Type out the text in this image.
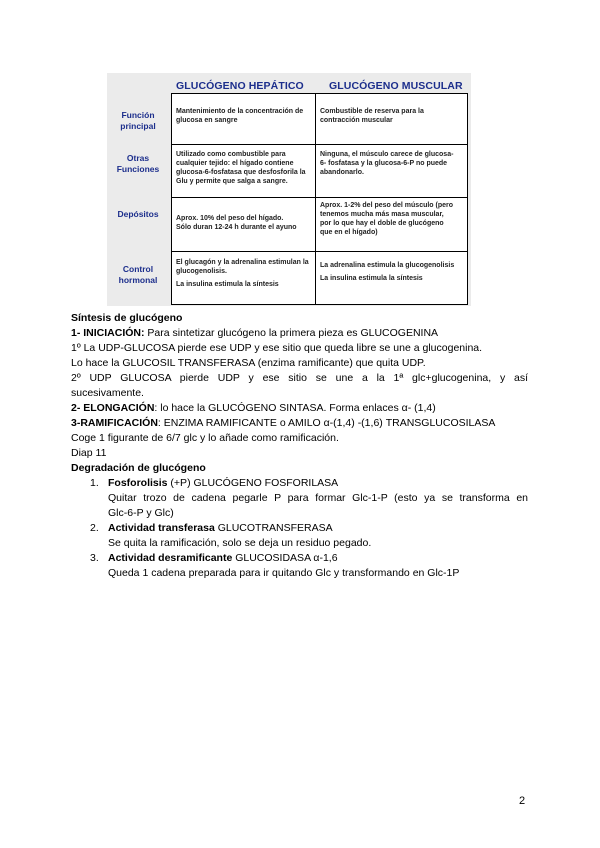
GLUCÓGENO HEPÁTICO GLUCÓGENO MUSCULAR
Función
principal
Otras
Funciones
Depósitos
Control
hormonal

Mantenimiento de la concentración de glucosa en sangre

Combustible de reserva para la contracción muscular

Utilizado como combustible para cualquier tejido: el hígado contiene glucosa-6-fosfatasa que desfosforila la Glu y permite que salga a sangre.

Ninguna, el músculo carece de glucosa- 6- fosfatasa y la glucosa-6-P no puede abandonarlo.

Aprox. 10% del peso del hígado.

Sólo duran 12-24 h durante el ayuno

Aprox. 1-2% del peso del músculo (pero tenemos mucha más masa muscular, por lo que hay el doble de glucógeno que en el hígado)

El glucagón y la adrenalina estimulan la glucogenolisis.

La insulina estimula la síntesis

La adrenalina estimula la glucogenolisis

La insulina estimula la síntesis

Síntesis de glucógeno
1- INICIACIÓN: Para sintetizar glucógeno la primera pieza es GLUCOGENINA
1º La UDP-GLUCOSA pierde ese UDP y ese sitio que queda libre se une a glucogenina.
Lo hace la GLUCOSIL TRANSFERASA (enzima ramificante) que quita UDP.
2º UDP GLUCOSA pierde UDP y ese sitio se une a la 1ª glc+glucogenina, y así
sucesivamente.
2- ELONGACIÓN: lo hace la GLUCÓGENO SINTASA. Forma enlaces α- (1,4)
3-RAMIFICACIÓN: ENZIMA RAMIFICANTE o AMILO α-(1,4) -(1,6) TRANSGLUCOSILASA
Coge 1 figurante de 6/7 glc y lo añade como ramificación.
Diap 11
Degradación de glucógeno
1. Fosforolisis (+P) GLUCÓGENO FOSFORILASA
Quitar trozo de cadena pegarle P para formar Glc-1-P (esto ya se transforma en
Glc-6-P y Glc)
2. Actividad transferasa GLUCOTRANSFERASA
Se quita la ramificación, solo se deja un residuo pegado.
3. Actividad desramificante GLUCOSIDASA α-1,6
Queda 1 cadena preparada para ir quitando Glc y transformando en Glc-1P
2
